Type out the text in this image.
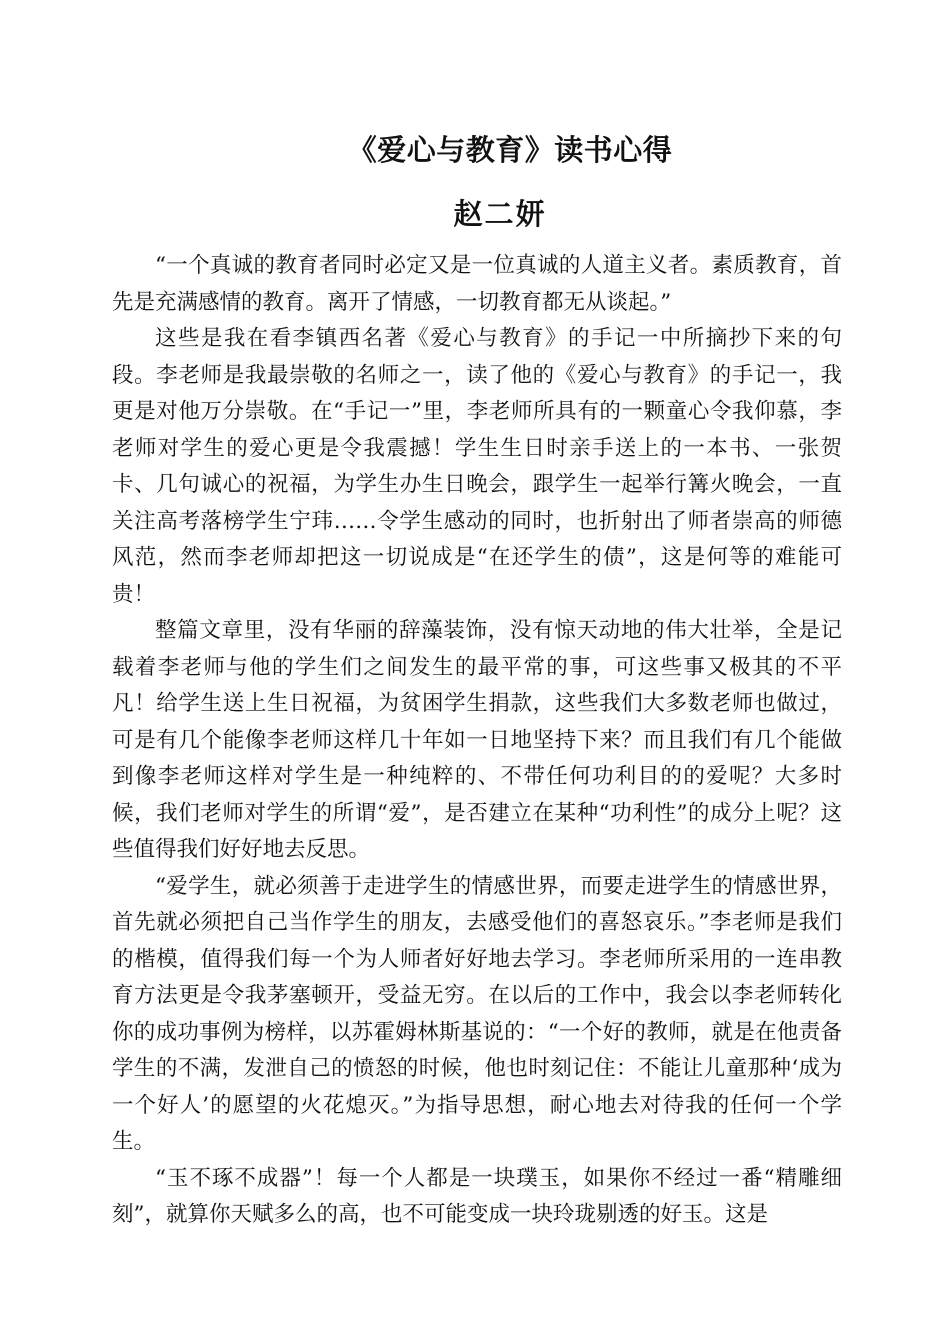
《爱心与教育》读书心得
赵二妍

“一个真诚的教育者同时必定又是一位真诚的人道主义者。素质教育，首先是充满感情的教育。离开了情感，一切教育都无从谈起。”

这些是我在看李镇西名著《爱心与教育》的手记一中所摘抄下来的句段。李老师是我最崇敬的名师之一，读了他的《爱心与教育》的手记一，我更是对他万分崇敬。在“手记一”里，李老师所具有的一颗童心令我仰慕，李老师对学生的爱心更是令我震撼！学生生日时亲手送上的一本书、一张贺卡、几句诚心的祝福，为学生办生日晚会，跟学生一起举行篝火晚会，一直关注高考落榜学生宁玮……令学生感动的同时，也折射出了师者崇高的师德风范，然而李老师却把这一切说成是“在还学生的债”，这是何等的难能可贵！

整篇文章里，没有华丽的辞藻装饰，没有惊天动地的伟大壮举，全是记载着李老师与他的学生们之间发生的最平常的事，可这些事又极其的不平凡！给学生送上生日祝福，为贫困学生捐款，这些我们大多数老师也做过，可是有几个能像李老师这样几十年如一日地坚持下来？而且我们有几个能做到像李老师这样对学生是一种纯粹的、不带任何功利目的的爱呢？大多时候，我们老师对学生的所谓“爱”，是否建立在某种“功利性”的成分上呢？这些值得我们好好地去反思。

“爱学生，就必须善于走进学生的情感世界，而要走进学生的情感世界，首先就必须把自己当作学生的朋友，去感受他们的喜怒哀乐。”李老师是我们的楷模，值得我们每一个为人师者好好地去学习。李老师所采用的一连串教育方法更是令我茅塞顿开，受益无穷。在以后的工作中，我会以李老师转化你的成功事例为榜样，以苏霍姆林斯基说的：“一个好的教师，就是在他责备学生的不满，发泄自己的愤怒的时候，他也时刻记住：不能让儿童那种‘成为一个好人’的愿望的火花熄灭。”为指导思想，耐心地去对待我的任何一个学生。

“玉不琢不成器”！每一个人都是一块璞玉，如果你不经过一番“精雕细刻”，就算你天赋多么的高，也不可能变成一块玲珑剔透的好玉。这是
